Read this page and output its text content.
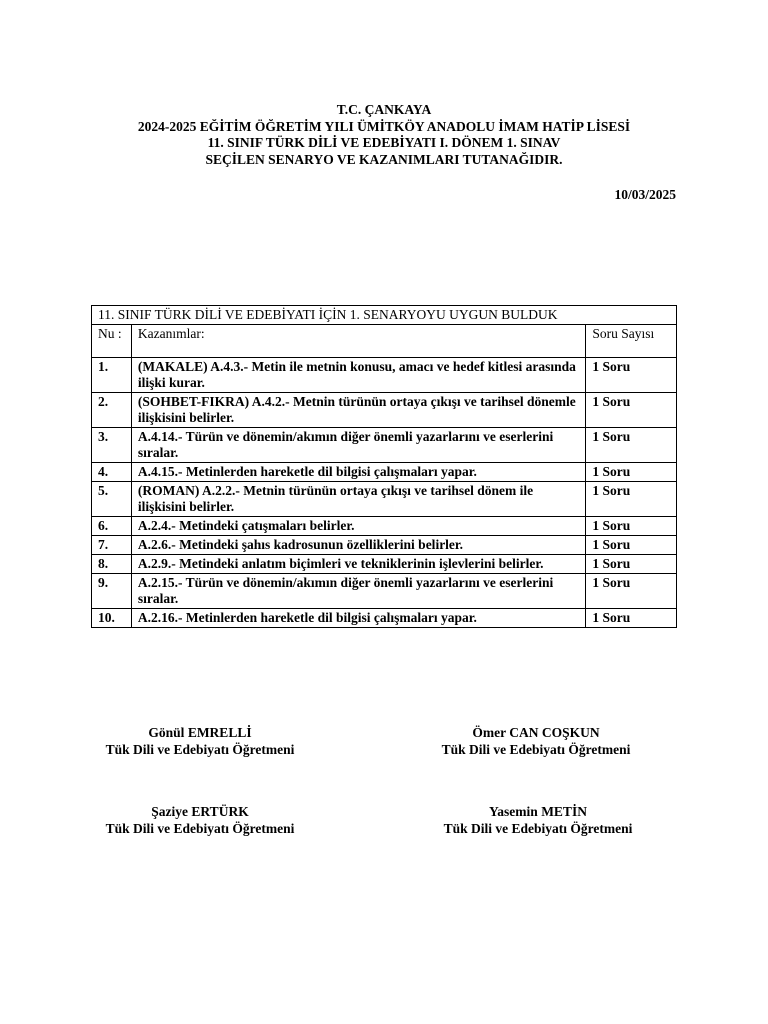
T.C. ÇANKAYA
2024-2025 EĞİTİM ÖĞRETİM YILI ÜMİTKÖY ANADOLU İMAM HATİP LİSESİ
11. SINIF TÜRK DİLİ VE EDEBİYATI I. DÖNEM 1. SINAV
SEÇİLEN SENARYO VE KAZANIMLARI TUTANAĞIDIR.
10/03/2025
11. SINIF TÜRK DİLİ VE EDEBİYATI İÇİN 1. SENARYOYU UYGUN BULDUK		
Nu :	Kazanımlar:	Soru Sayısı
1.	(MAKALE) A.4.3.- Metin ile metnin konusu, amacı ve hedef kitlesi arasında ilişki kurar.	1 Soru
2.	(SOHBET-FIKRA) A.4.2.- Metnin türünün ortaya çıkışı ve tarihsel dönemle ilişkisini belirler.	1 Soru
3.	A.4.14.- Türün ve dönemin/akımın diğer önemli yazarlarını ve eserlerini sıralar.	1 Soru
4.	A.4.15.- Metinlerden hareketle dil bilgisi çalışmaları yapar.	1 Soru
5.	(ROMAN) A.2.2.- Metnin türünün ortaya çıkışı ve tarihsel dönem ile ilişkisini belirler.	1 Soru
6.	A.2.4.- Metindeki çatışmaları belirler.	1 Soru
7.	A.2.6.- Metindeki şahıs kadrosunun özelliklerini belirler.	1 Soru
8.	A.2.9.- Metindeki anlatım biçimleri ve tekniklerinin işlevlerini belirler.	1 Soru
9.	A.2.15.- Türün ve dönemin/akımın diğer önemli yazarlarını ve eserlerini sıralar.	1 Soru
10.	A.2.16.- Metinlerden hareketle dil bilgisi çalışmaları yapar.	1 Soru
Gönül EMRELLİ
Tük Dili ve Edebiyatı Öğretmeni
Ömer CAN COŞKUN
Tük Dili ve Edebiyatı Öğretmeni
Şaziye ERTÜRK
Tük Dili ve Edebiyatı Öğretmeni
Yasemin METİN
Tük Dili ve Edebiyatı Öğretmeni
